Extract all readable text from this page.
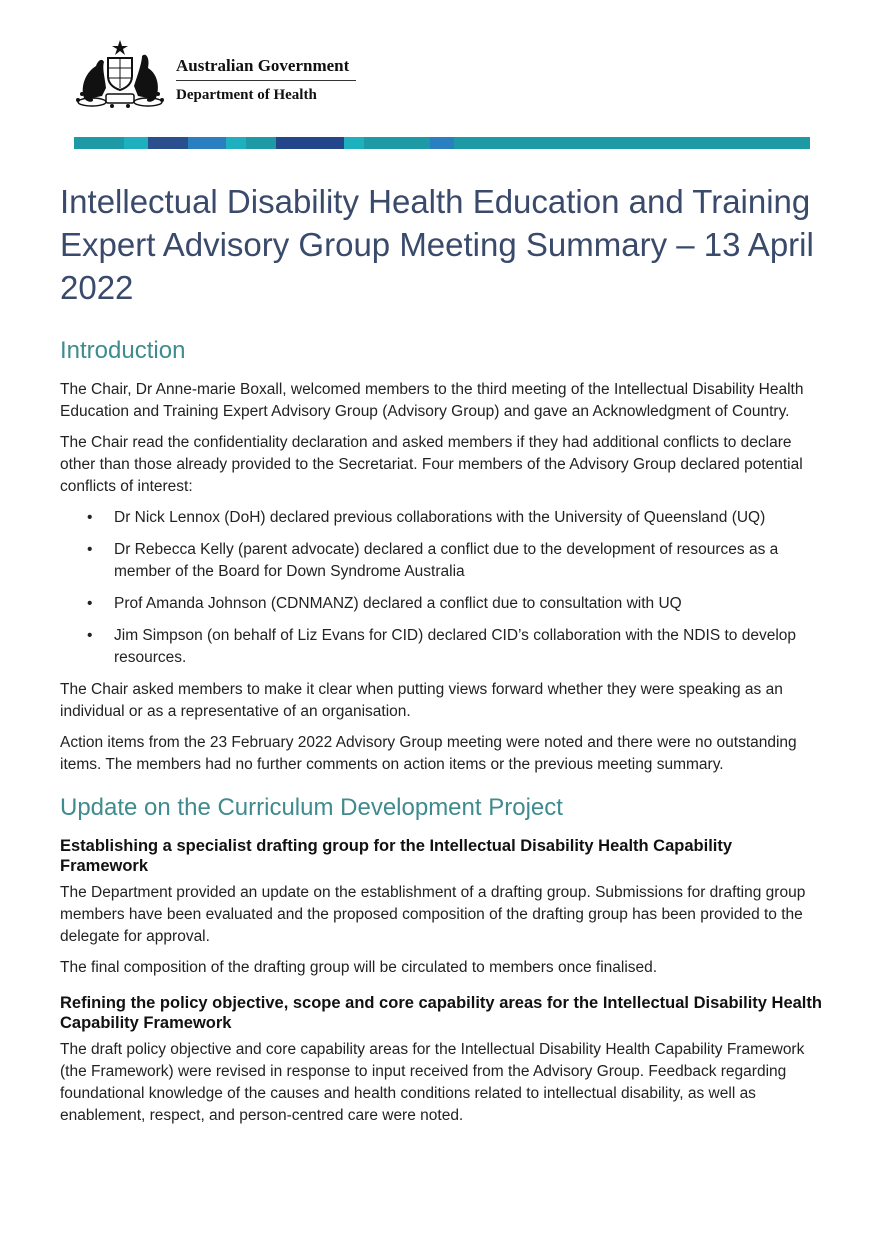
Australian Government
Department of Health
Intellectual Disability Health Education and Training Expert Advisory Group Meeting Summary – 13 April 2022
Introduction

The Chair, Dr Anne-marie Boxall, welcomed members to the third meeting of the Intellectual Disability Health Education and Training Expert Advisory Group (Advisory Group) and gave an Acknowledgment of Country.

The Chair read the confidentiality declaration and asked members if they had additional conflicts to declare other than those already provided to the Secretariat. Four members of the Advisory Group declared potential conflicts of interest:

• Dr Nick Lennox (DoH) declared previous collaborations with the University of Queensland (UQ)
• Dr Rebecca Kelly (parent advocate) declared a conflict due to the development of resources as a member of the Board for Down Syndrome Australia
• Prof Amanda Johnson (CDNMANZ) declared a conflict due to consultation with UQ
• Jim Simpson (on behalf of Liz Evans for CID) declared CID’s collaboration with the NDIS to develop resources.

The Chair asked members to make it clear when putting views forward whether they were speaking as an individual or as a representative of an organisation.

Action items from the 23 February 2022 Advisory Group meeting were noted and there were no outstanding items. The members had no further comments on action items or the previous meeting summary.

Update on the Curriculum Development Project
Establishing a specialist drafting group for the Intellectual Disability Health Capability Framework

The Department provided an update on the establishment of a drafting group. Submissions for drafting group members have been evaluated and the proposed composition of the drafting group has been provided to the delegate for approval.

The final composition of the drafting group will be circulated to members once finalised.

Refining the policy objective, scope and core capability areas for the Intellectual Disability Health Capability Framework

The draft policy objective and core capability areas for the Intellectual Disability Health Capability Framework (the Framework) were revised in response to input received from the Advisory Group. Feedback regarding foundational knowledge of the causes and health conditions related to intellectual disability, as well as enablement, respect, and person-centred care were noted.
